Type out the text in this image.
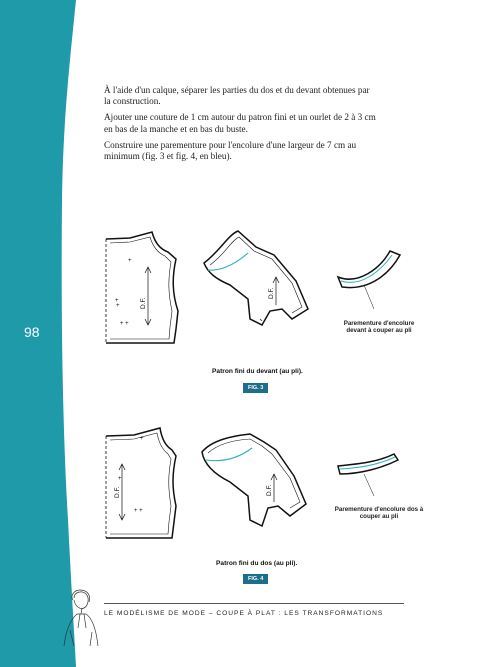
98

À l'aide d'un calque, séparer les parties du dos et du devant obtenues par la construction.

Ajouter une couture de 1 cm autour du patron fini et un ourlet de 2 à 3 cm en bas de la manche et en bas du buste.

Construire une parementure pour l'encolure d'une largeur de 7 cm au minimum (fig. 3 et fig. 4, en bleu).

+
+
+ +
+	D.F.
D.F.
Parementure d'encolure devant à couper au pli
Patron fini du devant (au pli).
FIG. 3
+
+
+ +
D.F.	D.F.
Parementure d'encolure dos à couper au pli
Patron fini du dos (au pli).
FIG. 4
LE MODÉLISME DE MODE – COUPE À PLAT : LES TRANSFORMATIONS
